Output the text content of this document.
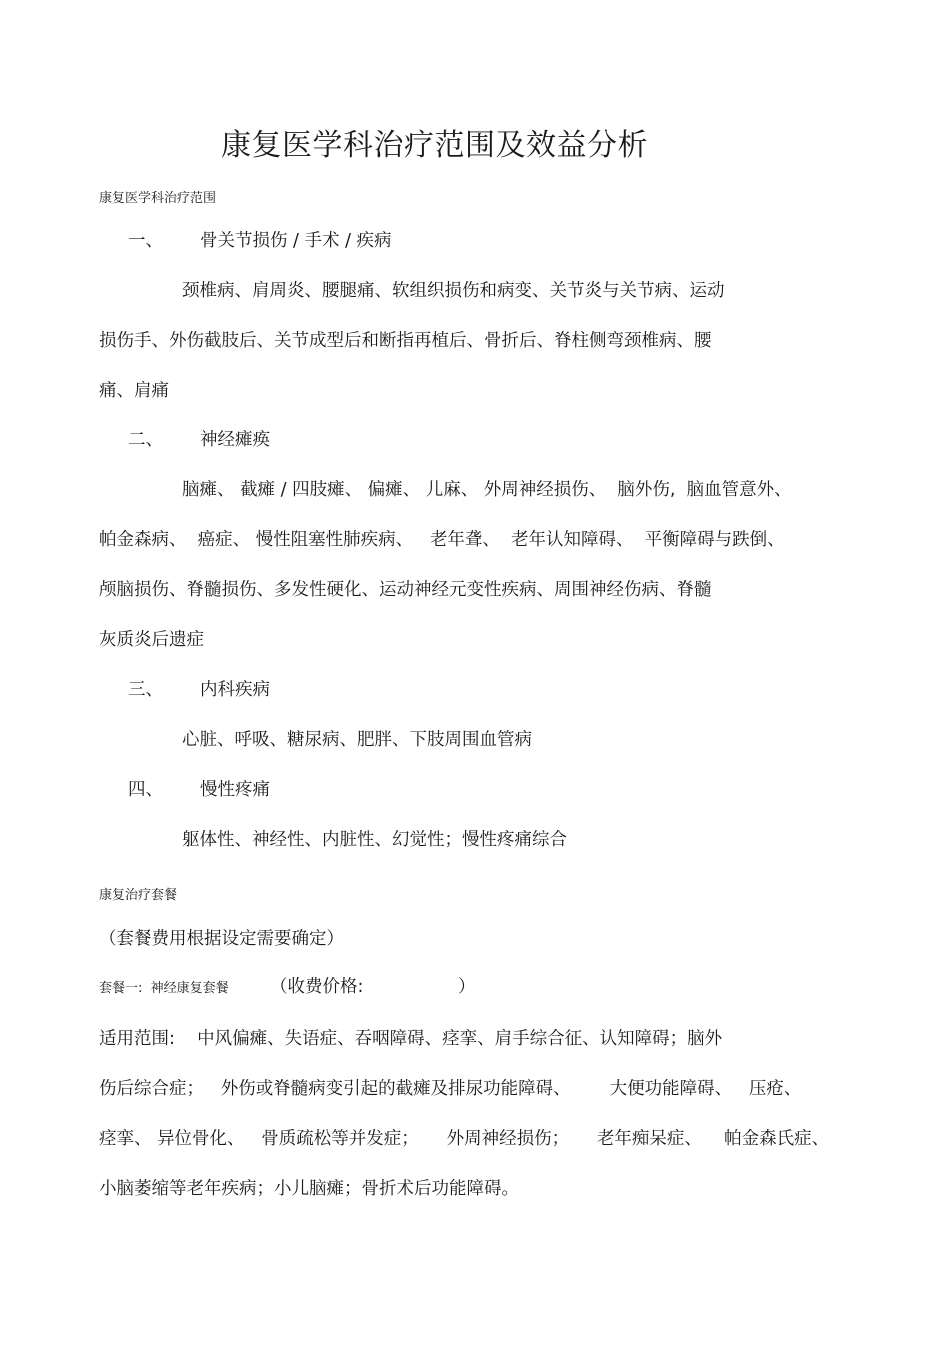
康复医学科治疗范围及效益分析
康复医学科治疗范围
一、 骨关节损伤 / 手术 / 疾病
颈椎病、肩周炎、腰腿痛、软组织损伤和病变、关节炎与关节病、运动
损伤手、外伤截肢后、关节成型后和断指再植后、骨折后、脊柱侧弯颈椎病、腰
痛、肩痛
二、 神经瘫痪
脑瘫、 截瘫 / 四肢瘫、 偏瘫、 儿麻、 外周神经损伤、  脑外伤,  脑血管意外、
帕金森病、  癌症、 慢性阻塞性肺疾病、   老年聋、  老年认知障碍、  平衡障碍与跌倒、
颅脑损伤、脊髓损伤、多发性硬化、运动神经元变性疾病、周围神经伤病、脊髓
灰质炎后遗症
三、 内科疾病
心脏、呼吸、糖尿病、肥胖、下肢周围血管病
四、 慢性疼痛
躯体性、神经性、内脏性、幻觉性；慢性疼痛综合
康复治疗套餐
（套餐费用根据设定需要确定）
套餐一:  神经康复套餐 （收费价格:                 ）
适用范围:    中风偏瘫、失语症、吞咽障碍、痉挛、肩手综合征、认知障碍；脑外
伤后综合症；   外伤或脊髓病变引起的截瘫及排尿功能障碍、       大便功能障碍、   压疮、
痉挛、 异位骨化、   骨质疏松等并发症；     外周神经损伤；     老年痴呆症、    帕金森氏症、
小脑萎缩等老年疾病；小儿脑瘫；骨折术后功能障碍。
